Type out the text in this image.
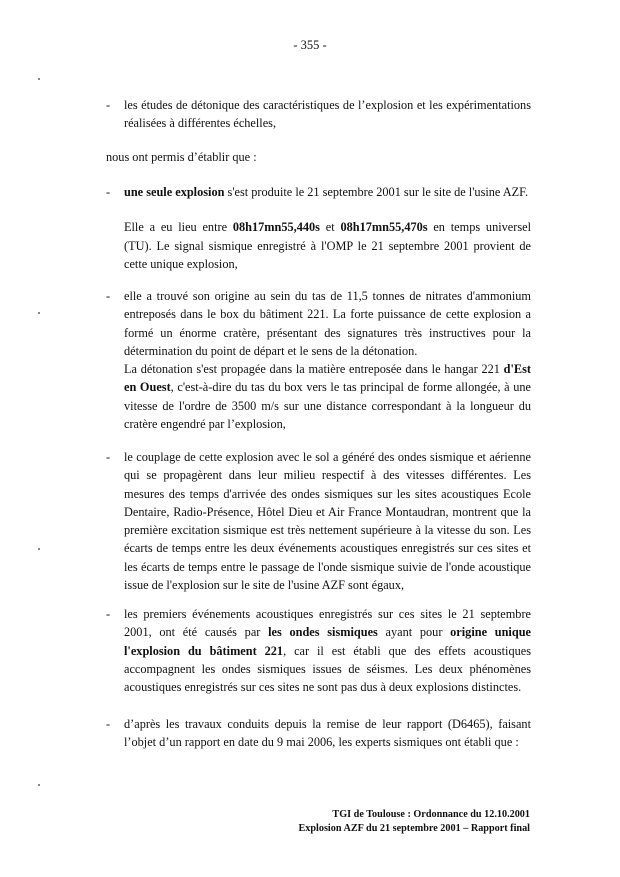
- 355 -
- les études de détonique des caractéristiques de l’explosion et les expérimentations réalisées à différentes échelles,
nous ont permis d’établir que :
- une seule explosion s'est produite le 21 septembre 2001 sur le site de l'usine AZF.
Elle a eu lieu entre 08h17mn55,440s et 08h17mn55,470s en temps universel (TU). Le signal sismique enregistré à l'OMP le 21 septembre 2001 provient de cette unique explosion,
- elle a trouvé son origine au sein du tas de 11,5 tonnes de nitrates d'ammonium entreposés dans le box du bâtiment 221. La forte puissance de cette explosion a formé un énorme cratère, présentant des signatures très instructives pour la détermination du point de départ et le sens de la détonation.
La détonation s'est propagée dans la matière entreposée dans le hangar 221 d'Est en Ouest, c'est-à-dire du tas du box vers le tas principal de forme allongée, à une vitesse de l'ordre de 3500 m/s sur une distance correspondant à la longueur du cratère engendré par l’explosion,
- le couplage de cette explosion avec le sol a généré des ondes sismique et aérienne qui se propagèrent dans leur milieu respectif à des vitesses différentes. Les mesures des temps d'arrivée des ondes sismiques sur les sites acoustiques Ecole Dentaire, Radio-Présence, Hôtel Dieu et Air France Montaudran, montrent que la première excitation sismique est très nettement supérieure à la vitesse du son. Les écarts de temps entre les deux événements acoustiques enregistrés sur ces sites et les écarts de temps entre le passage de l'onde sismique suivie de l'onde acoustique issue de l'explosion sur le site de l'usine AZF sont égaux,
- les premiers événements acoustiques enregistrés sur ces sites le 21 septembre 2001, ont été causés par les ondes sismiques ayant pour origine unique l'explosion du bâtiment 221, car il est établi que des effets acoustiques accompagnent les ondes sismiques issues de séismes. Les deux phénomènes acoustiques enregistrés sur ces sites ne sont pas dus à deux explosions distinctes.
- d’après les travaux conduits depuis la remise de leur rapport (D6465), faisant l’objet d’un rapport en date du 9 mai 2006, les experts sismiques ont établi que :
TGI de Toulouse : Ordonnance du 12.10.2001
Explosion AZF du 21 septembre 2001 – Rapport final
